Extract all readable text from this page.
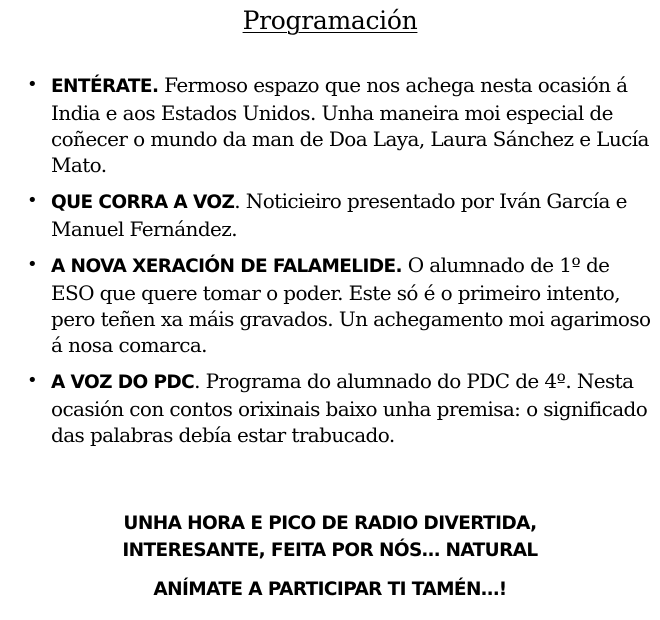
Programación
• ENTÉRATE. Fermoso espazo que nos achega nesta ocasión á India e aos Estados Unidos. Unha maneira moi especial de coñecer o mundo da man de Doa Laya, Laura Sánchez e Lucía Mato.
• QUE CORRA A VOZ. Noticieiro presentado por Iván García e Manuel Fernández.
• A NOVA XERACIÓN DE FALAMELIDE. O alumnado de 1º de ESO que quere tomar o poder. Este só é o primeiro intento, pero teñen xa máis gravados. Un achegamento moi agarimoso á nosa comarca.
• A VOZ DO PDC. Programa do alumnado do PDC de 4º. Nesta ocasión con contos orixinais baixo unha premisa: o significado das palabras debía estar trabucado.
UNHA HORA E PICO DE RADIO DIVERTIDA,
INTERESANTE, FEITA POR NÓS… NATURAL
ANÍMATE A PARTICIPAR TI TAMÉN…!
